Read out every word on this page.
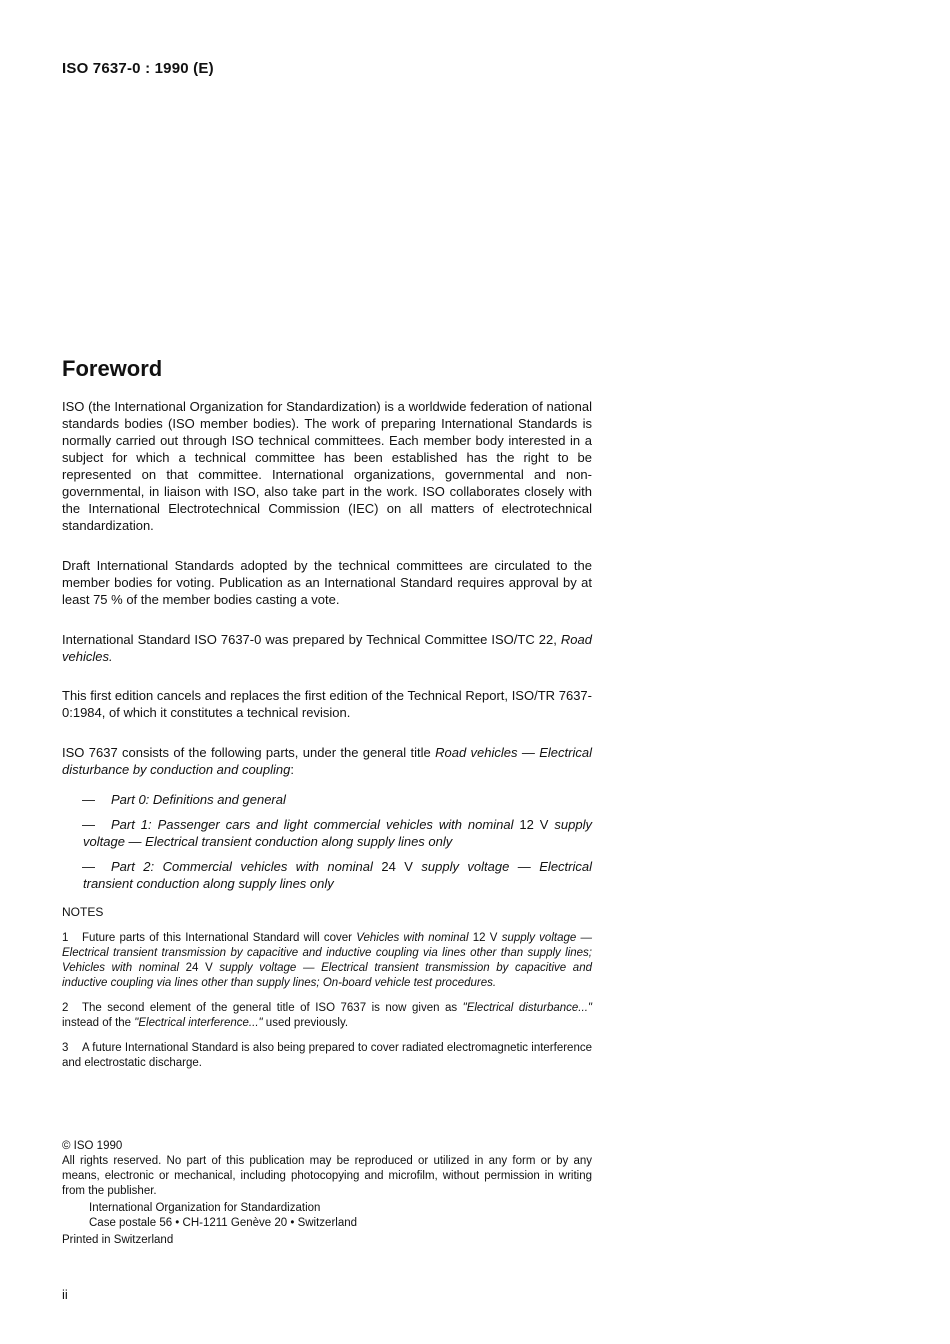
ISO 7637-0 : 1990 (E)
Foreword

ISO (the International Organization for Standardization) is a worldwide federation of national standards bodies (ISO member bodies). The work of preparing International Standards is normally carried out through ISO technical committees. Each member body interested in a subject for which a technical committee has been established has the right to be represented on that committee. International organizations, governmental and non-governmental, in liaison with ISO, also take part in the work. ISO collaborates closely with the International Electrotechnical Commission (IEC) on all matters of electrotechnical standardization.

Draft International Standards adopted by the technical committees are circulated to the member bodies for voting. Publication as an International Standard requires approval by at least 75 % of the member bodies casting a vote.

International Standard ISO 7637-0 was prepared by Technical Committee ISO/TC 22, Road vehicles.

This first edition cancels and replaces the first edition of the Technical Report, ISO/TR 7637-0:1984, of which it constitutes a technical revision.

ISO 7637 consists of the following parts, under the general title Road vehicles — Electrical disturbance by conduction and coupling:

—	Part 0: Definitions and general
—	Part 1: Passenger cars and light commercial vehicles with nominal 12 V supply voltage — Electrical transient conduction along supply lines only
—	Part 2: Commercial vehicles with nominal 24 V supply voltage — Electrical transient conduction along supply lines only

NOTES

1 Future parts of this International Standard will cover Vehicles with nominal 12 V supply voltage — Electrical transient transmission by capacitive and inductive coupling via lines other than supply lines; Vehicles with nominal 24 V supply voltage — Electrical transient transmission by capacitive and inductive coupling via lines other than supply lines; On-board vehicle test procedures.

2 The second element of the general title of ISO 7637 is now given as "Electrical disturbance..." instead of the "Electrical interference..." used previously.

3 A future International Standard is also being prepared to cover radiated electromagnetic interference and electrostatic discharge.

© ISO 1990

All rights reserved. No part of this publication may be reproduced or utilized in any form or by any means, electronic or mechanical, including photocopying and microfilm, without permission in writing from the publisher.

International Organization for Standardization

Case postale 56 • CH-1211 Genève 20 • Switzerland

Printed in Switzerland

ii
